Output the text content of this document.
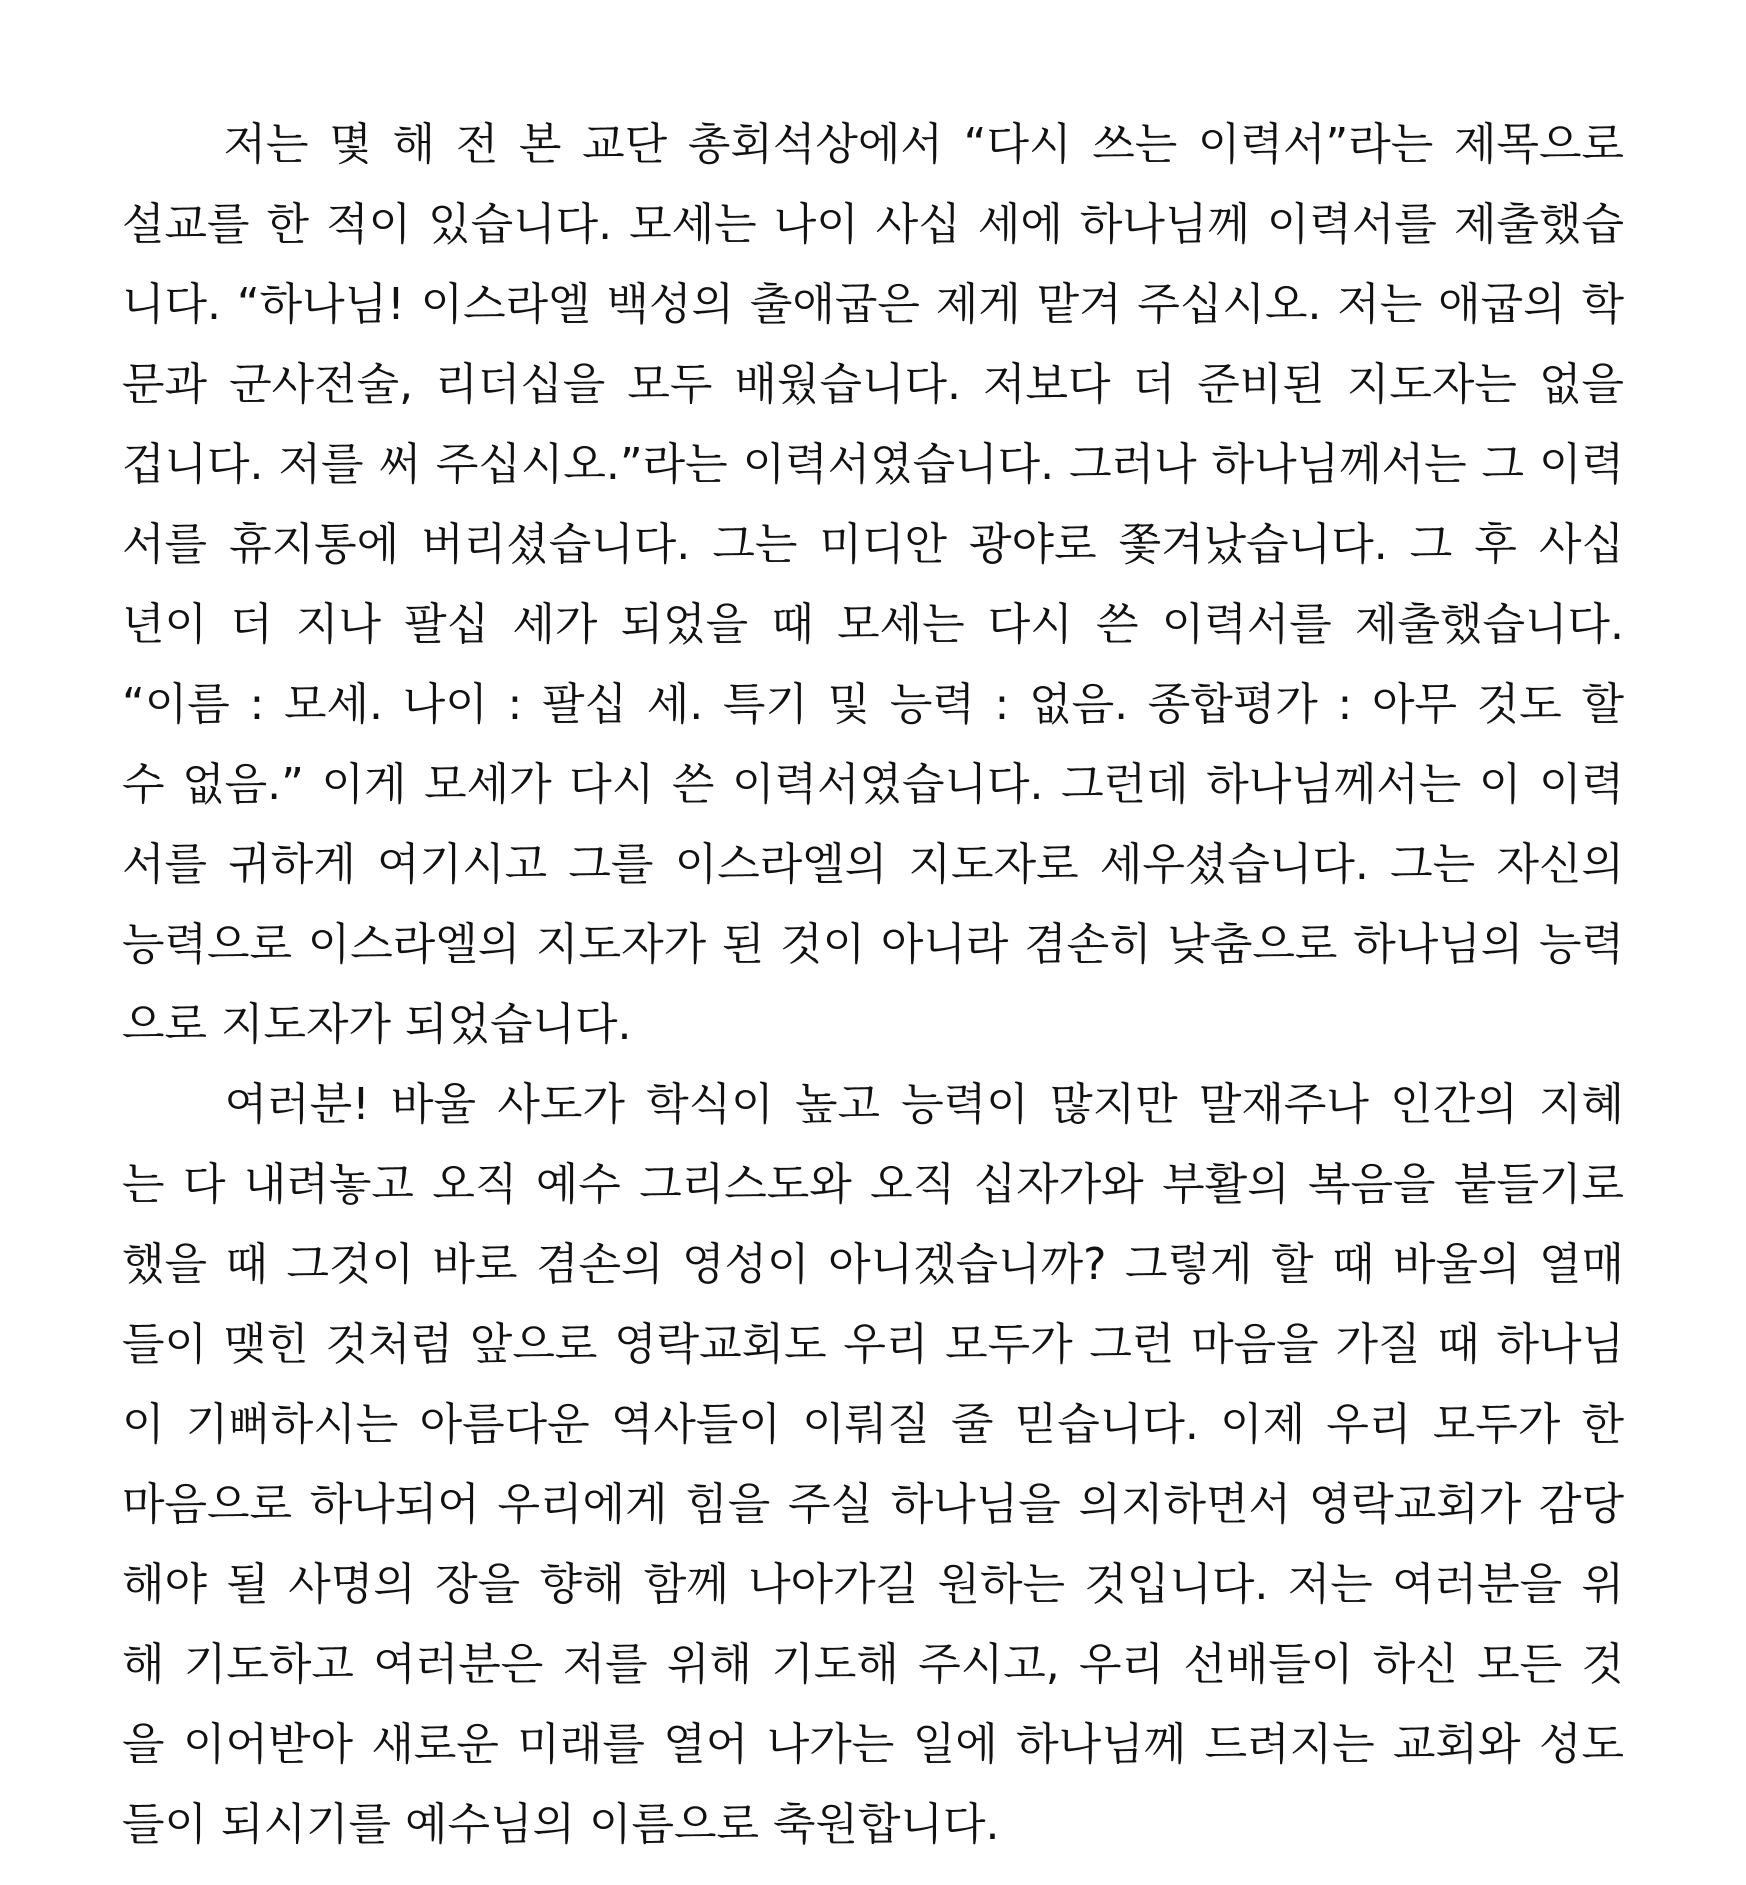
　　저는 몇 해 전 본 교단 총회석상에서 “다시 쓰는 이력서”라는 제목으로
설교를 한 적이 있습니다. 모세는 나이 사십 세에 하나님께 이력서를 제출했습
니다. “하나님! 이스라엘 백성의 출애굽은 제게 맡겨 주십시오. 저는 애굽의 학
문과 군사전술, 리더십을 모두 배웠습니다. 저보다 더 준비된 지도자는 없을
겁니다. 저를 써 주십시오.”라는 이력서였습니다. 그러나 하나님께서는 그 이력
서를 휴지통에 버리셨습니다. 그는 미디안 광야로 쫓겨났습니다. 그 후 사십
년이 더 지나 팔십 세가 되었을 때 모세는 다시 쓴 이력서를 제출했습니다.
“이름 : 모세. 나이 : 팔십 세. 특기 및 능력 : 없음. 종합평가 : 아무 것도 할
수 없음.” 이게 모세가 다시 쓴 이력서였습니다. 그런데 하나님께서는 이 이력
서를 귀하게 여기시고 그를 이스라엘의 지도자로 세우셨습니다. 그는 자신의
능력으로 이스라엘의 지도자가 된 것이 아니라 겸손히 낮춤으로 하나님의 능력
으로 지도자가 되었습니다.
　　여러분! 바울 사도가 학식이 높고 능력이 많지만 말재주나 인간의 지혜
는 다 내려놓고 오직 예수 그리스도와 오직 십자가와 부활의 복음을 붙들기로
했을 때 그것이 바로 겸손의 영성이 아니겠습니까? 그렇게 할 때 바울의 열매
들이 맺힌 것처럼 앞으로 영락교회도 우리 모두가 그런 마음을 가질 때 하나님
이 기뻐하시는 아름다운 역사들이 이뤄질 줄 믿습니다. 이제 우리 모두가 한
마음으로 하나되어 우리에게 힘을 주실 하나님을 의지하면서 영락교회가 감당
해야 될 사명의 장을 향해 함께 나아가길 원하는 것입니다. 저는 여러분을 위
해 기도하고 여러분은 저를 위해 기도해 주시고, 우리 선배들이 하신 모든 것
을 이어받아 새로운 미래를 열어 나가는 일에 하나님께 드려지는 교회와 성도
들이 되시기를 예수님의 이름으로 축원합니다.
